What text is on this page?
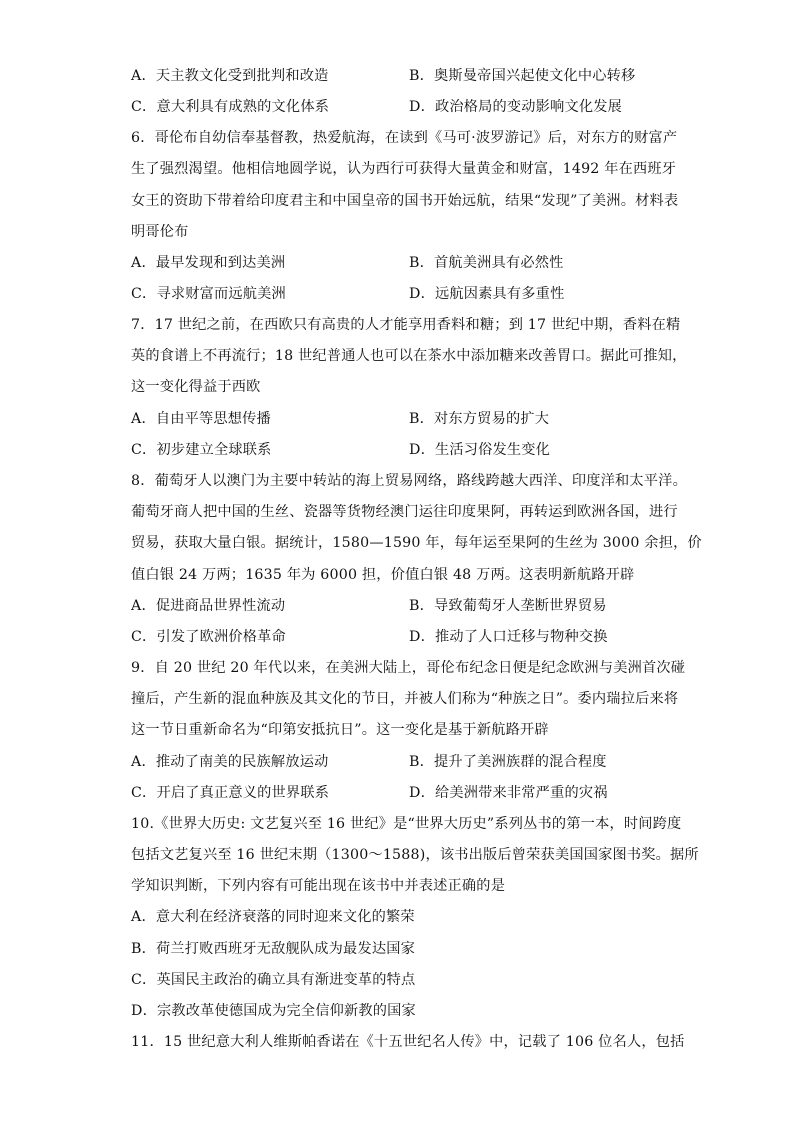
A．天主教文化受到批判和改造	B．奥斯曼帝国兴起使文化中心转移
C．意大利具有成熟的文化体系	D．政治格局的变动影响文化发展
6．哥伦布自幼信奉基督教，热爱航海，在读到《马可·波罗游记》后，对东方的财富产
生了强烈渴望。他相信地圆学说，认为西行可获得大量黄金和财富，1492 年在西班牙
女王的资助下带着给印度君主和中国皇帝的国书开始远航，结果“发现”了美洲。材料表
明哥伦布
A．最早发现和到达美洲	B．首航美洲具有必然性
C．寻求财富而远航美洲	D．远航因素具有多重性
7．17 世纪之前，在西欧只有高贵的人才能享用香料和糖；到 17 世纪中期，香料在精
英的食谱上不再流行；18 世纪普通人也可以在茶水中添加糖来改善胃口。据此可推知，
这一变化得益于西欧
A．自由平等思想传播	B．对东方贸易的扩大
C．初步建立全球联系	D．生活习俗发生变化
8．葡萄牙人以澳门为主要中转站的海上贸易网络，路线跨越大西洋、印度洋和太平洋。
葡萄牙商人把中国的生丝、瓷器等货物经澳门运往印度果阿，再转运到欧洲各国，进行
贸易，获取大量白银。据统计，1580—1590 年，每年运至果阿的生丝为 3000 余担，价
值白银 24 万两；1635 年为 6000 担，价值白银 48 万两。这表明新航路开辟
A．促进商品世界性流动	B．导致葡萄牙人垄断世界贸易
C．引发了欧洲价格革命	D．推动了人口迁移与物种交换
9．自 20 世纪 20 年代以来，在美洲大陆上，哥伦布纪念日便是纪念欧洲与美洲首次碰
撞后，产生新的混血种族及其文化的节日，并被人们称为“种族之日”。委内瑞拉后来将
这一节日重新命名为“印第安抵抗日”。这一变化是基于新航路开辟
A．推动了南美的民族解放运动	B．提升了美洲族群的混合程度
C．开启了真正意义的世界联系	D．给美洲带来非常严重的灾祸
10.《世界大历史: 文艺复兴至 16 世纪》是“世界大历史”系列丛书的第一本，时间跨度
包括文艺复兴至 16 世纪末期（1300～1588)，该书出版后曾荣获美国国家图书奖。据所
学知识判断，下列内容有可能出现在该书中并表述正确的是
A．意大利在经济衰落的同时迎来文化的繁荣
B．荷兰打败西班牙无敌舰队成为最发达国家
C．英国民主政治的确立具有渐进变革的特点
D．宗教改革使德国成为完全信仰新教的国家
11．15 世纪意大利人维斯帕香诺在《十五世纪名人传》中，记载了 106 位名人，包括
